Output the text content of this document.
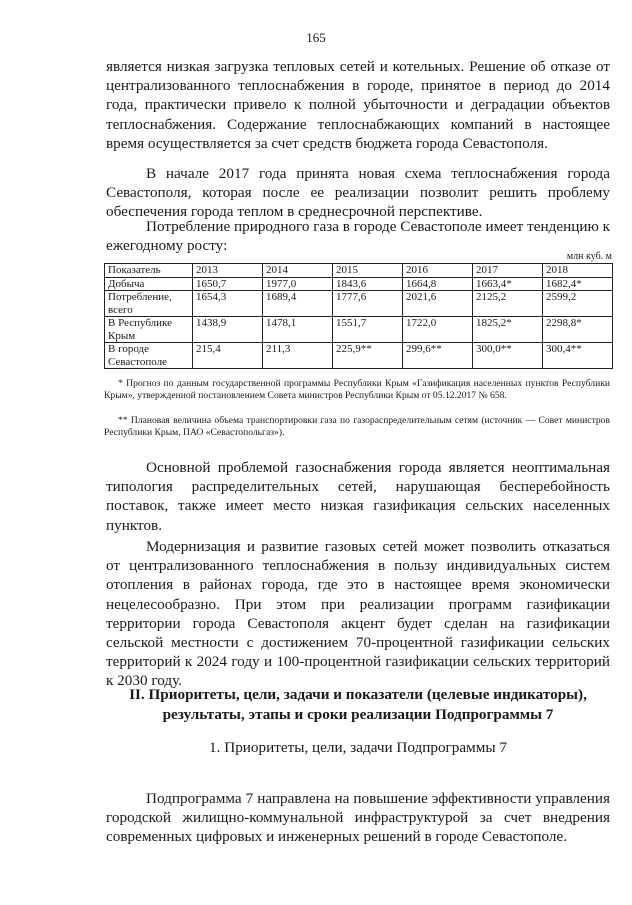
165

является низкая загрузка тепловых сетей и котельных. Решение об отказе от централизованного теплоснабжения в городе, принятое в период до 2014 года, практически привело к полной убыточности и деградации объектов теплоснабжения. Содержание теплоснабжающих компаний в настоящее время осуществляется за счет средств бюджета города Севастополя.

В начале 2017 года принята новая схема теплоснабжения города Севастополя, которая после ее реализации позволит решить проблему обеспечения города теплом в среднесрочной перспективе.

Потребление природного газа в городе Севастополе имеет тенденцию к ежегодному росту:

млн куб. м
Показатель	2013	2014	2015	2016	2017	2018
Добыча	1650,7	1977,0	1843,6	1664,8	1663,4*	1682,4*
Потребление, всего	1654,3	1689,4	1777,6	2021,6	2125,2	2599,2
В Республике Крым	1438,9	1478,1	1551,7	1722,0	1825,2*	2298,8*
В городе Севастополе	215,4	211,3	225,9**	299,6**	300,0**	300,4**

* Прогноз по данным государственной программы Республики Крым «Газификация населенных пунктов Республики Крым», утвержденной постановлением Совета министров Республики Крым от 05.12.2017 № 658.

** Плановая величина объема транспортировки газа по газораспределительным сетям (источник — Совет министров Республики Крым, ПАО «Севастопольгаз»).

Основной проблемой газоснабжения города является неоптимальная типология распределительных сетей, нарушающая бесперебойность поставок, также имеет место низкая газификация сельских населенных пунктов.

Модернизация и развитие газовых сетей может позволить отказаться от централизованного теплоснабжения в пользу индивидуальных систем отопления в районах города, где это в настоящее время экономически нецелесообразно. При этом при реализации программ газификации территории города Севастополя акцент будет сделан на газификации сельской местности с достижением 70-процентной газификации сельских территорий к 2024 году и 100-процентной газификации сельских территорий к 2030 году.

II. Приоритеты, цели, задачи и показатели (целевые индикаторы), результаты, этапы и сроки реализации Подпрограммы 7

1. Приоритеты, цели, задачи Подпрограммы 7

Подпрограмма 7 направлена на повышение эффективности управления городской жилищно-коммунальной инфраструктурой за счет внедрения современных цифровых и инженерных решений в городе Севастополе.
